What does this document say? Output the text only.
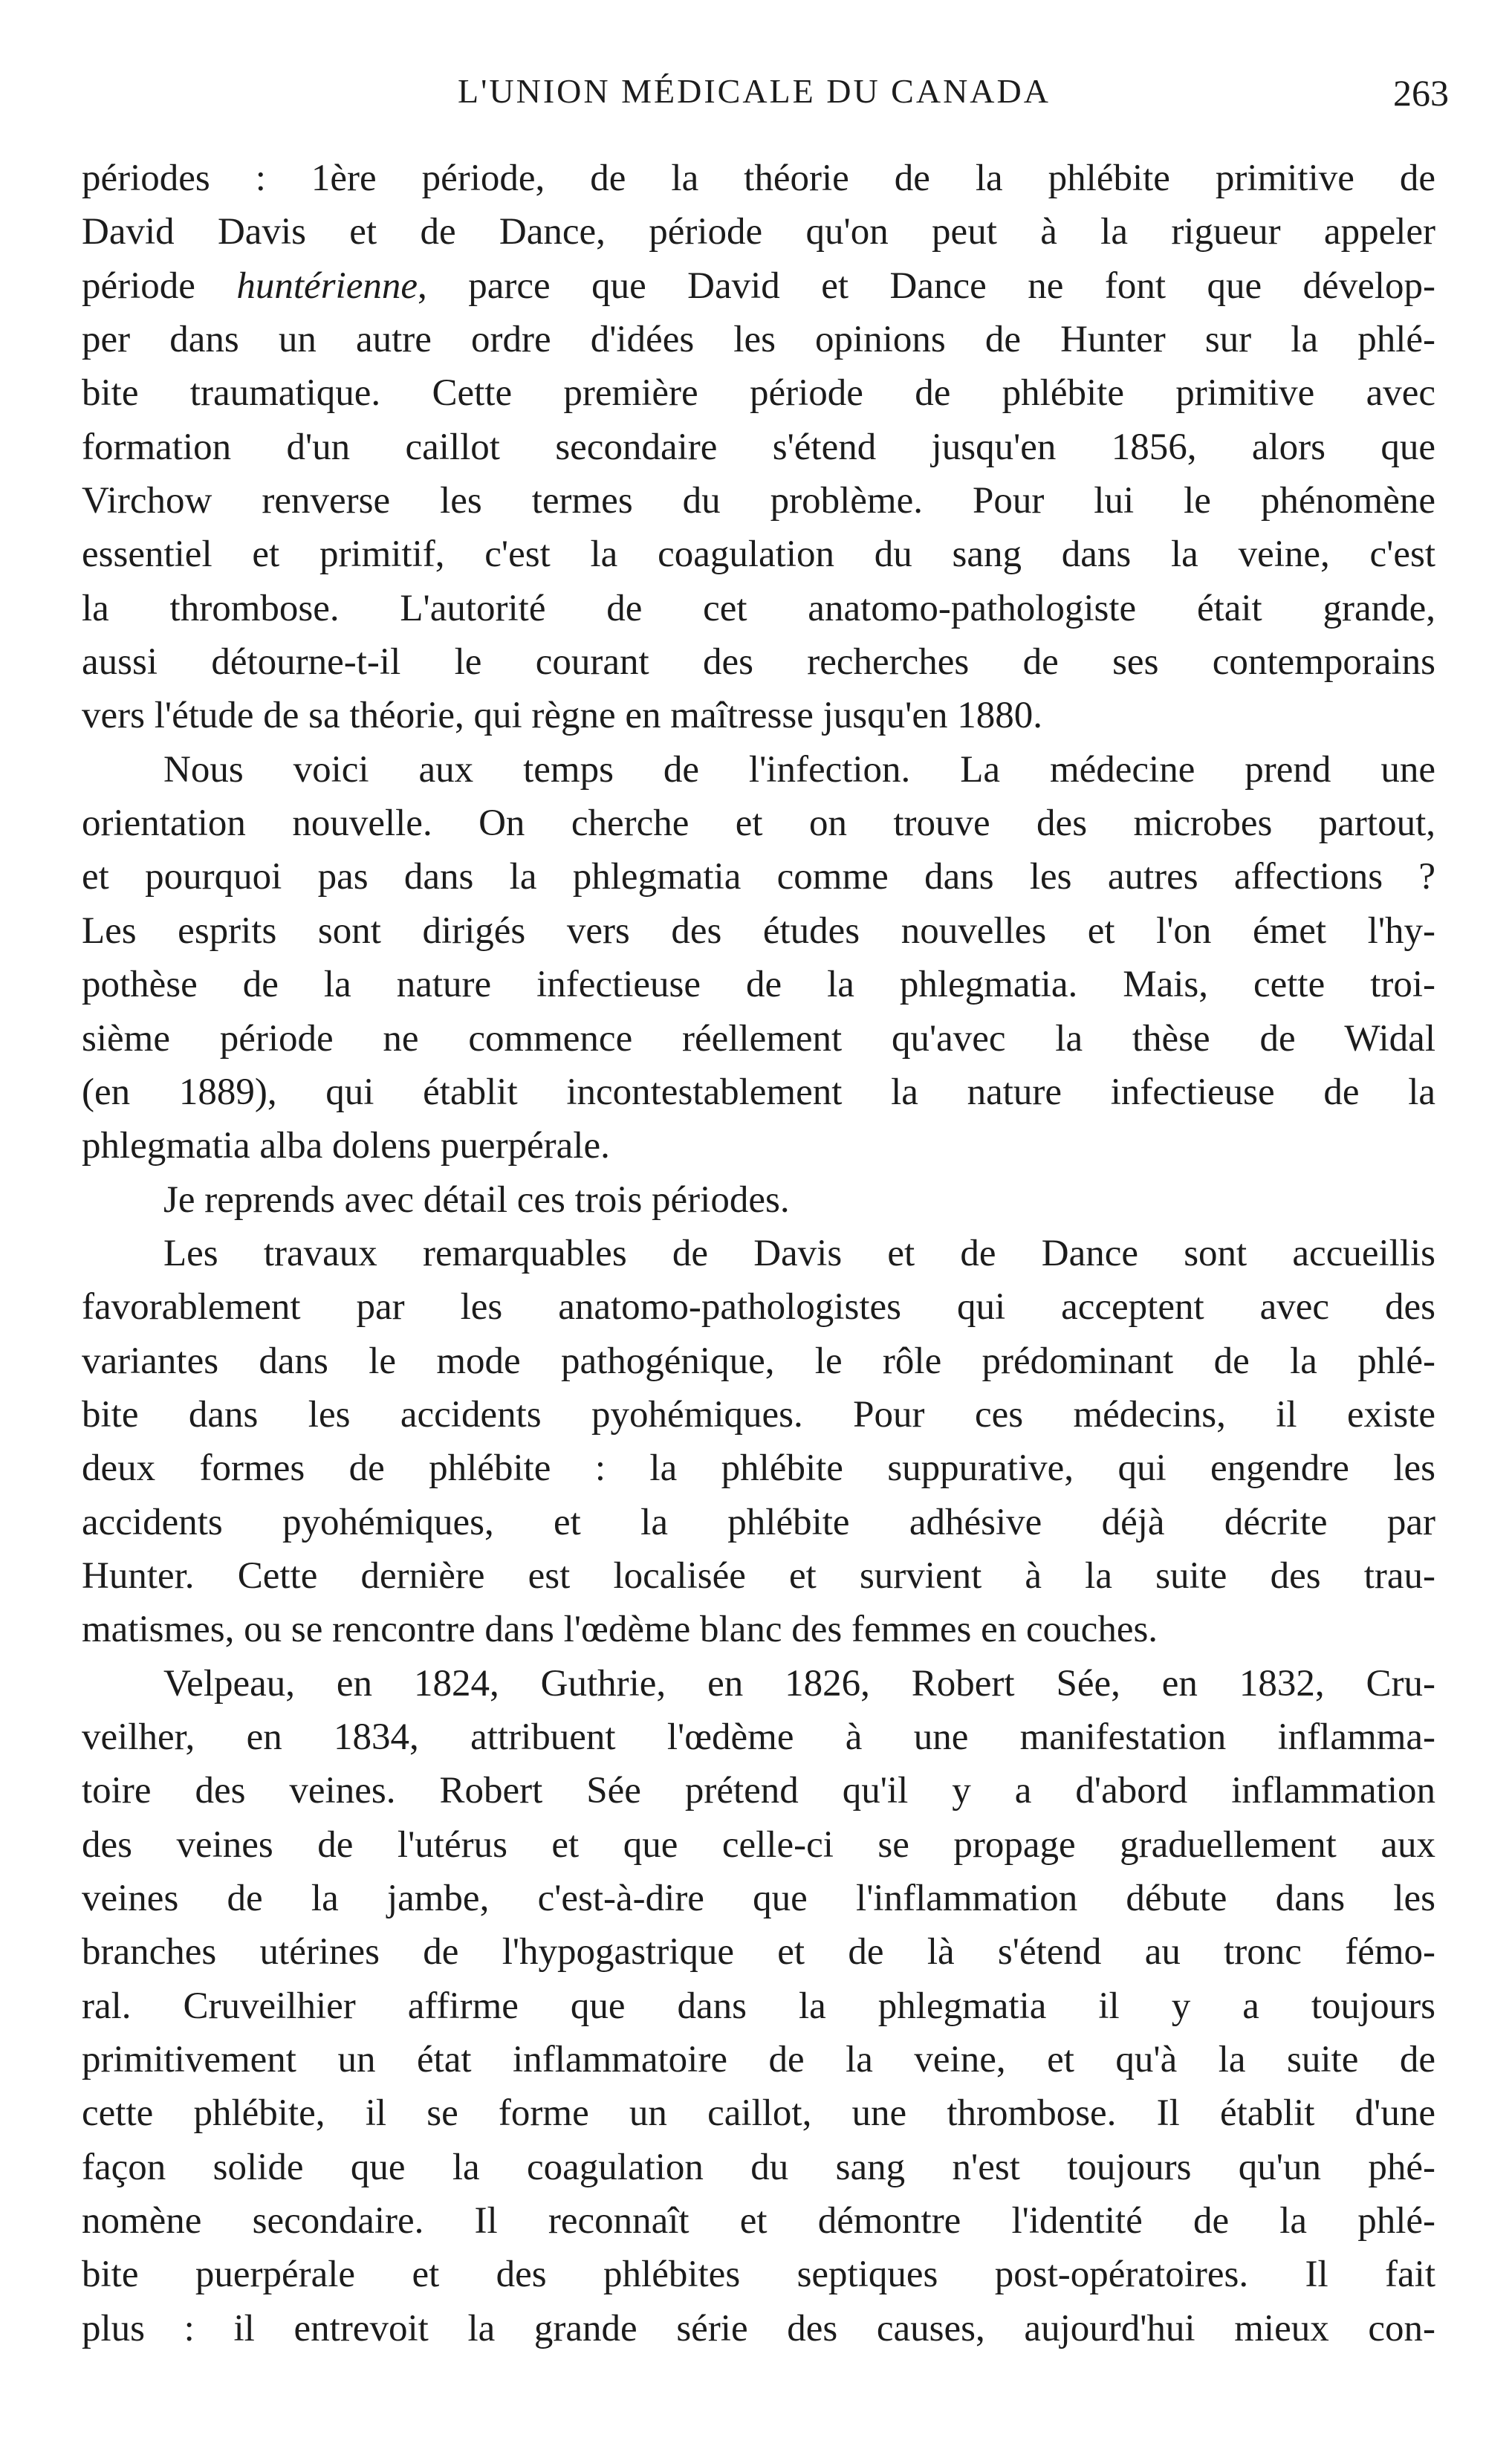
L'UNION MÉDICALE DU CANADA	263
périodes : 1ère période, de la théorie de la phlébite primitive de
David Davis et de Dance, période qu'on peut à la rigueur appeler
période huntérienne, parce que David et Dance ne font que dévelop-
per dans un autre ordre d'idées les opinions de Hunter sur la phlé-
bite traumatique. Cette première période de phlébite primitive avec
formation d'un caillot secondaire s'étend jusqu'en 1856, alors que
Virchow renverse les termes du problème. Pour lui le phénomène
essentiel et primitif, c'est la coagulation du sang dans la veine, c'est
la thrombose. L'autorité de cet anatomo-pathologiste était grande,
aussi détourne-t-il le courant des recherches de ses contemporains
vers l'étude de sa théorie, qui règne en maîtresse jusqu'en 1880.
Nous voici aux temps de l'infection. La médecine prend une
orientation nouvelle. On cherche et on trouve des microbes partout,
et pourquoi pas dans la phlegmatia comme dans les autres affections ?
Les esprits sont dirigés vers des études nouvelles et l'on émet l'hy-
pothèse de la nature infectieuse de la phlegmatia. Mais, cette troi-
sième période ne commence réellement qu'avec la thèse de Widal
(en 1889), qui établit incontestablement la nature infectieuse de la
phlegmatia alba dolens puerpérale.
Je reprends avec détail ces trois périodes.
Les travaux remarquables de Davis et de Dance sont accueillis
favorablement par les anatomo-pathologistes qui acceptent avec des
variantes dans le mode pathogénique, le rôle prédominant de la phlé-
bite dans les accidents pyohémiques. Pour ces médecins, il existe
deux formes de phlébite : la phlébite suppurative, qui engendre les
accidents pyohémiques, et la phlébite adhésive déjà décrite par
Hunter. Cette dernière est localisée et survient à la suite des trau-
matismes, ou se rencontre dans l'œdème blanc des femmes en couches.
Velpeau, en 1824, Guthrie, en 1826, Robert Sée, en 1832, Cru-
veilher, en 1834, attribuent l'œdème à une manifestation inflamma-
toire des veines. Robert Sée prétend qu'il y a d'abord inflammation
des veines de l'utérus et que celle-ci se propage graduellement aux
veines de la jambe, c'est-à-dire que l'inflammation débute dans les
branches utérines de l'hypogastrique et de là s'étend au tronc fémo-
ral. Cruveilhier affirme que dans la phlegmatia il y a toujours
primitivement un état inflammatoire de la veine, et qu'à la suite de
cette phlébite, il se forme un caillot, une thrombose. Il établit d'une
façon solide que la coagulation du sang n'est toujours qu'un phé-
nomène secondaire. Il reconnaît et démontre l'identité de la phlé-
bite puerpérale et des phlébites septiques post-opératoires. Il fait
plus : il entrevoit la grande série des causes, aujourd'hui mieux con-
